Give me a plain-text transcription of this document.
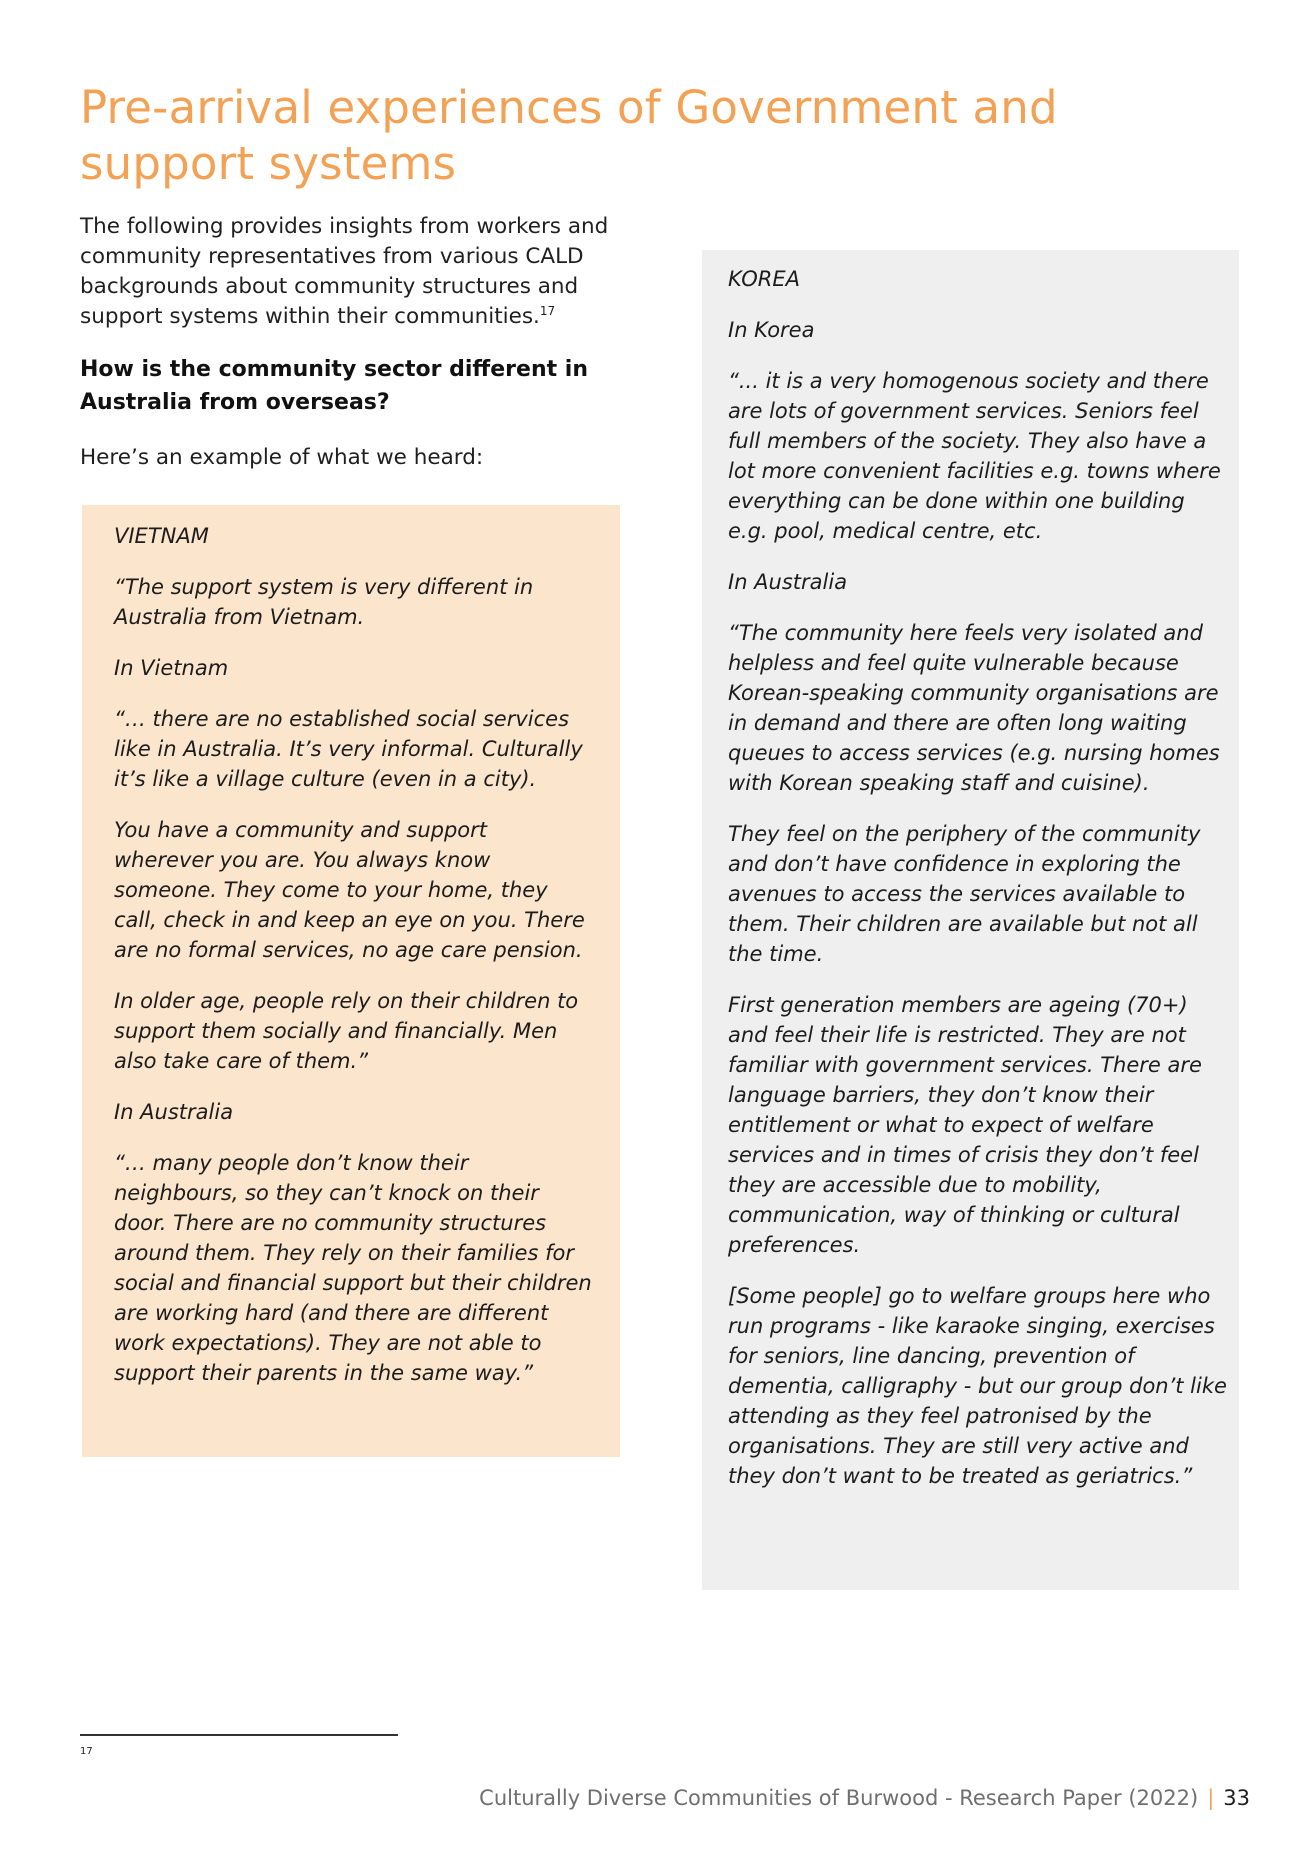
Pre-arrival experiences of Government and support systems

The following provides insights from workers and community representatives from various CALD backgrounds about community structures and support systems within their communities.$^{17}$

How is the community sector different in Australia from overseas?

Here’s an example of what we heard:

VIETNAM

“The support system is very different in Australia from Vietnam.

In Vietnam

“… there are no established social services like in Australia. It’s very informal. Culturally it’s like a village culture (even in a city).

You have a community and support wherever you are. You always know someone. They come to your home, they call, check in and keep an eye on you. There are no formal services, no age care pension.

In older age, people rely on their children to support them socially and financially. Men also take care of them.”

In Australia

“… many people don’t know their neighbours, so they can’t knock on their door. There are no community structures around them. They rely on their families for social and financial support but their children are working hard (and there are different work expectations). They are not able to support their parents in the same way.”

KOREA

In Korea

“... it is a very homogenous society and there are lots of government services. Seniors feel full members of the society. They also have a lot more convenient facilities e.g. towns where everything can be done within one building e.g. pool, medical centre, etc.

In Australia

“The community here feels very isolated and helpless and feel quite vulnerable because Korean-speaking community organisations are in demand and there are often long waiting queues to access services (e.g. nursing homes with Korean speaking staff and cuisine).

They feel on the periphery of the community and don’t have confidence in exploring the avenues to access the services available to them. Their children are available but not all the time.

First generation members are ageing (70+) and feel their life is restricted. They are not familiar with government services. There are language barriers, they don’t know their entitlement or what to expect of welfare services and in times of crisis they don’t feel they are accessible due to mobility, communication, way of thinking or cultural preferences.

[Some people] go to welfare groups here who run programs - like karaoke singing, exercises for seniors, line dancing, prevention of dementia, calligraphy - but our group don’t like attending as they feel patronised by the organisations. They are still very active and they don’t want to be treated as geriatrics.”

17
Culturally Diverse Communities of Burwood - Research Paper (2022) | 33
